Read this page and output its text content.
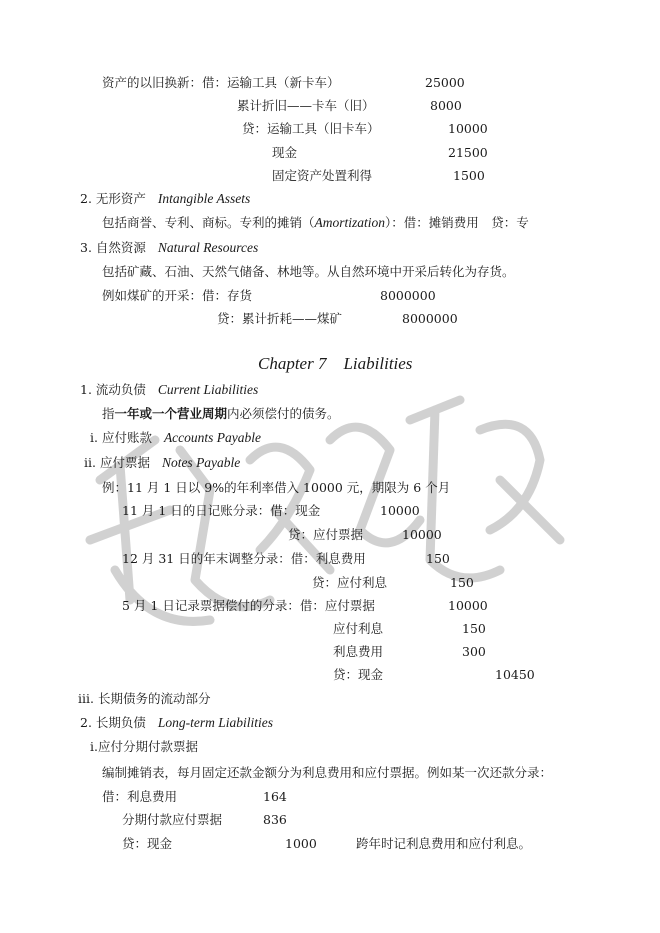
资产的以旧换新：借：运输工具（新卡车）	25000
累计折旧——卡车（旧）	8000
贷：运输工具（旧卡车）	10000
现金	21500
固定资产处置利得	1500
2. 无形资产 Intangible Assets
包括商誉、专利、商标。专利的摊销（Amortization）：借：摊销费用　贷：专
3. 自然资源 Natural Resources
包括矿藏、石油、天然气储备、林地等。从自然环境中开采后转化为存货。
例如煤矿的开采：借：存货	8000000
贷：累计折耗——煤矿	8000000
Chapter 7　Liabilities
1. 流动负债 Current Liabilities
指一年或一个营业周期内必须偿付的债务。
i. 应付账款 Accounts Payable
ii. 应付票据 Notes Payable
例：11 月 1 日以 9%的年利率借入 10000 元，期限为 6 个月
11 月 1 日的日记账分录：借：现金	10000
贷：应付票据	10000
12 月 31 日的年末调整分录：借：利息费用	150
贷：应付利息	150
5 月 1 日记录票据偿付的分录：借：应付票据	10000
应付利息	150
利息费用	300
贷：现金	10450
iii. 长期债务的流动部分
2. 长期负债 Long-term Liabilities
i.应付分期付款票据
编制摊销表，每月固定还款金额分为利息费用和应付票据。例如某一次还款分录：
借：利息费用	164
分期付款应付票据	836
贷：现金	1000	跨年时记利息费用和应付利息。
